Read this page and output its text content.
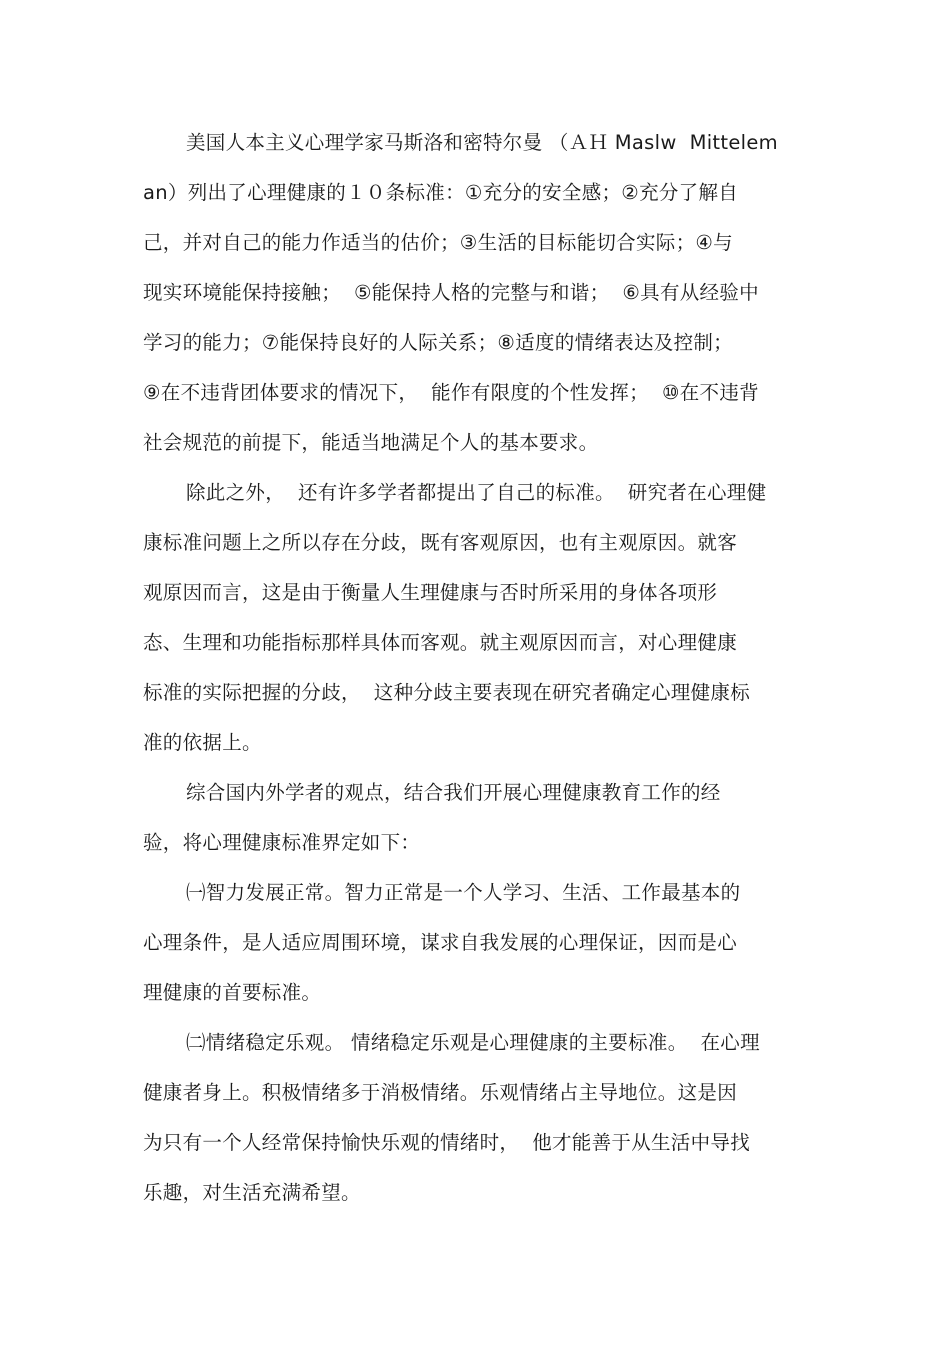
美国人本主义心理学家马斯洛和密特尔曼 （ＡＨ Maslw  Mittelem
an）列出了心理健康的１０条标准：①充分的安全感；②充分了解自
己，并对自己的能力作适当的估价；③生活的目标能切合实际；④与
现实环境能保持接触；  ⑤能保持人格的完整与和谐；  ⑥具有从经验中
学习的能力；⑦能保持良好的人际关系；⑧适度的情绪表达及控制；
⑨在不违背团体要求的情况下，  能作有限度的个性发挥；  ⑩在不违背
社会规范的前提下，能适当地满足个人的基本要求。
除此之外，  还有许多学者都提出了自己的标准。  研究者在心理健
康标准问题上之所以存在分歧，既有客观原因，也有主观原因。就客
观原因而言，这是由于衡量人生理健康与否时所采用的身体各项形
态、生理和功能指标那样具体而客观。就主观原因而言，对心理健康
标准的实际把握的分歧，  这种分歧主要表现在研究者确定心理健康标
准的依据上。
综合国内外学者的观点，结合我们开展心理健康教育工作的经
验，将心理健康标准界定如下：
㈠智力发展正常。智力正常是一个人学习、生活、工作最基本的
心理条件，是人适应周围环境，谋求自我发展的心理保证，因而是心
理健康的首要标准。
㈡情绪稳定乐观。 情绪稳定乐观是心理健康的主要标准。  在心理
健康者身上。积极情绪多于消极情绪。乐观情绪占主导地位。这是因
为只有一个人经常保持愉快乐观的情绪时，  他才能善于从生活中导找
乐趣，对生活充满希望。
